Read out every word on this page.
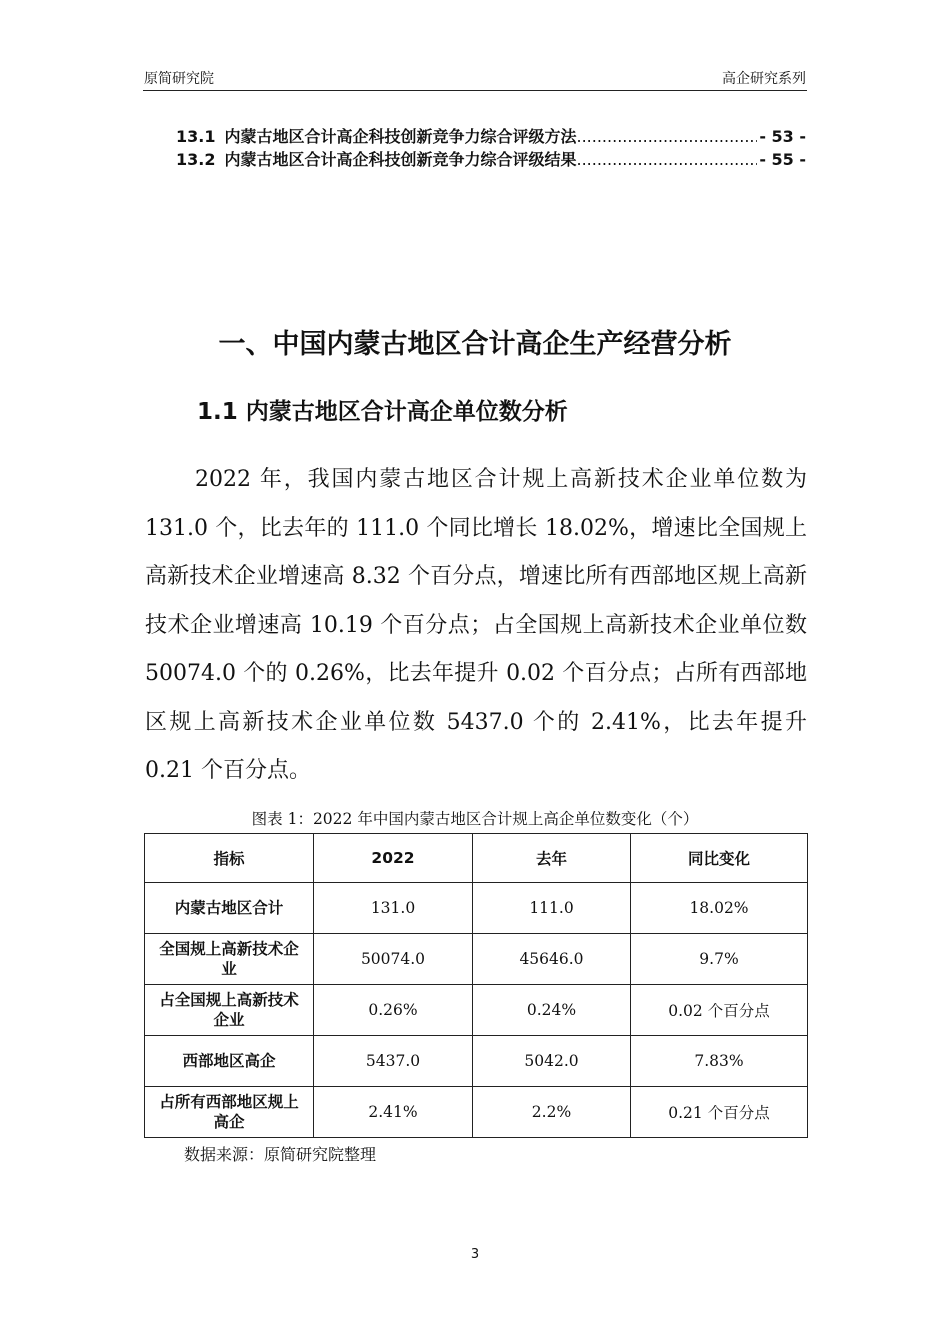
原简研究院	高企研究系列
13.1 内蒙古地区合计高企科技创新竞争力综合评级方法 .....	- 53 -
13.2 内蒙古地区合计高企科技创新竞争力综合评级结果 .....	- 55 -
一、中国内蒙古地区合计高企生产经营分析
1.1 内蒙古地区合计高企单位数分析

2022 年，我国内蒙古地区合计规上高新技术企业单位数为 131.0 个，比去年的 111.0 个同比增长 18.02%，增速比全国规上高新技术企业增速高 8.32 个百分点，增速比所有西部地区规上高新技术企业增速高 10.19 个百分点；占全国规上高新技术企业单位数 50074.0 个的 0.26%，比去年提升 0.02 个百分点；占所有西部地区规上高新技术企业单位数 5437.0 个的 2.41%，比去年提升 0.21 个百分点。

图表 1：2022 年中国内蒙古地区合计规上高企单位数变化（个）
指标	2022	去年	同比变化
内蒙古地区合计	131.0	111.0	18.02%
全国规上高新技术企业	50074.0	45646.0	9.7%
占全国规上高新技术企业	0.26%	0.24%	0.02 个百分点
西部地区高企	5437.0	5042.0	7.83%
占所有西部地区规上高企	2.41%	2.2%	0.21 个百分点
数据来源：原简研究院整理
3
